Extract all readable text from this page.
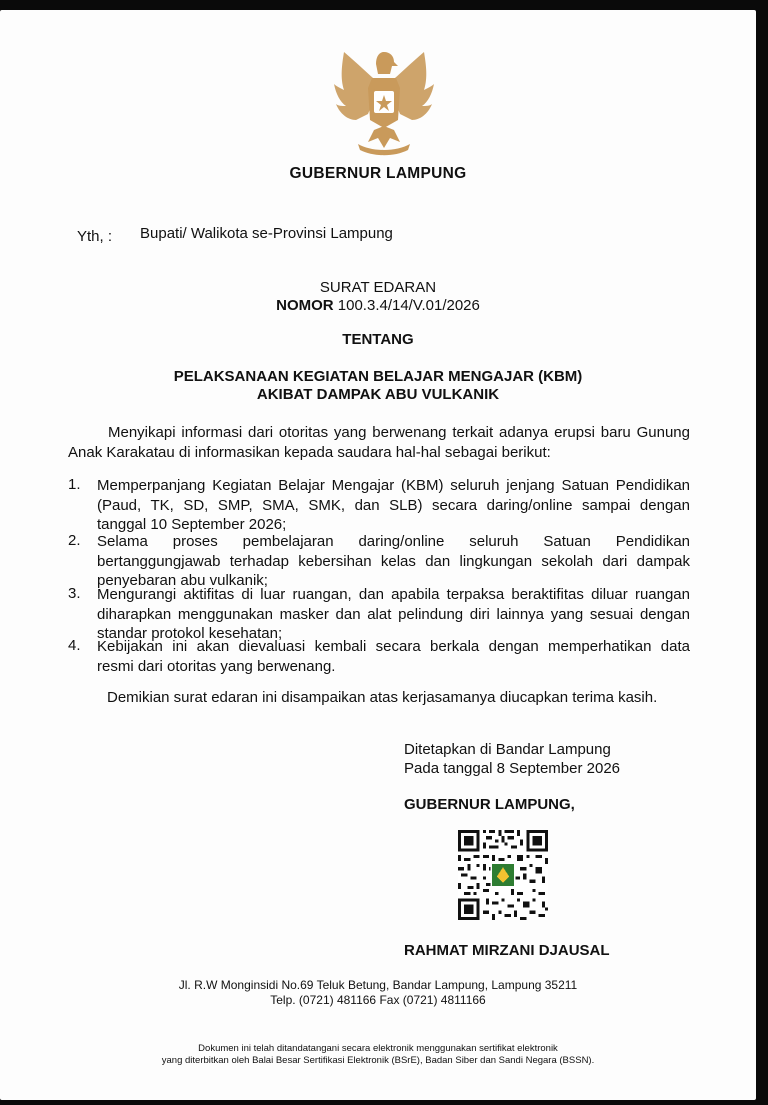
GUBERNUR LAMPUNG
Yth, : Bupati/ Walikota se-Provinsi Lampung
SURAT EDARAN
NOMOR 100.3.4/14/V.01/2026
TENTANG
PELAKSANAAN KEGIATAN BELAJAR MENGAJAR (KBM)
AKIBAT DAMPAK ABU VULKANIK
Menyikapi informasi dari otoritas yang berwenang terkait adanya erupsi baru Gunung
Anak Karakatau di informasikan kepada saudara hal-hal sebagai berikut:
1. Memperpanjang Kegiatan Belajar Mengajar (KBM) seluruh jenjang Satuan Pendidikan
(Paud, TK, SD, SMP, SMA, SMK, dan SLB) secara daring/online sampai dengan
tanggal 10 September 2026;
2. Selama proses pembelajaran daring/online seluruh Satuan Pendidikan
bertanggungjawab terhadap kebersihan kelas dan lingkungan sekolah dari dampak
penyebaran abu vulkanik;
3. Mengurangi aktifitas di luar ruangan, dan apabila terpaksa beraktifitas diluar ruangan
diharapkan menggunakan masker dan alat pelindung diri lainnya yang sesuai dengan
standar protokol kesehatan;
4. Kebijakan ini akan dievaluasi kembali secara berkala dengan memperhatikan data
resmi dari otoritas yang berwenang.
Demikian surat edaran ini disampaikan atas kerjasamanya diucapkan terima kasih.
Ditetapkan di Bandar Lampung
Pada tanggal 8 September 2026
GUBERNUR LAMPUNG,
RAHMAT MIRZANI DJAUSAL
Jl. R.W Monginsidi No.69 Teluk Betung, Bandar Lampung, Lampung 35211
Telp. (0721) 481166 Fax (0721) 4811166
Dokumen ini telah ditandatangani secara elektronik menggunakan sertifikat elektronik
yang diterbitkan oleh Balai Besar Sertifikasi Elektronik (BSrE), Badan Siber dan Sandi Negara (BSSN).
